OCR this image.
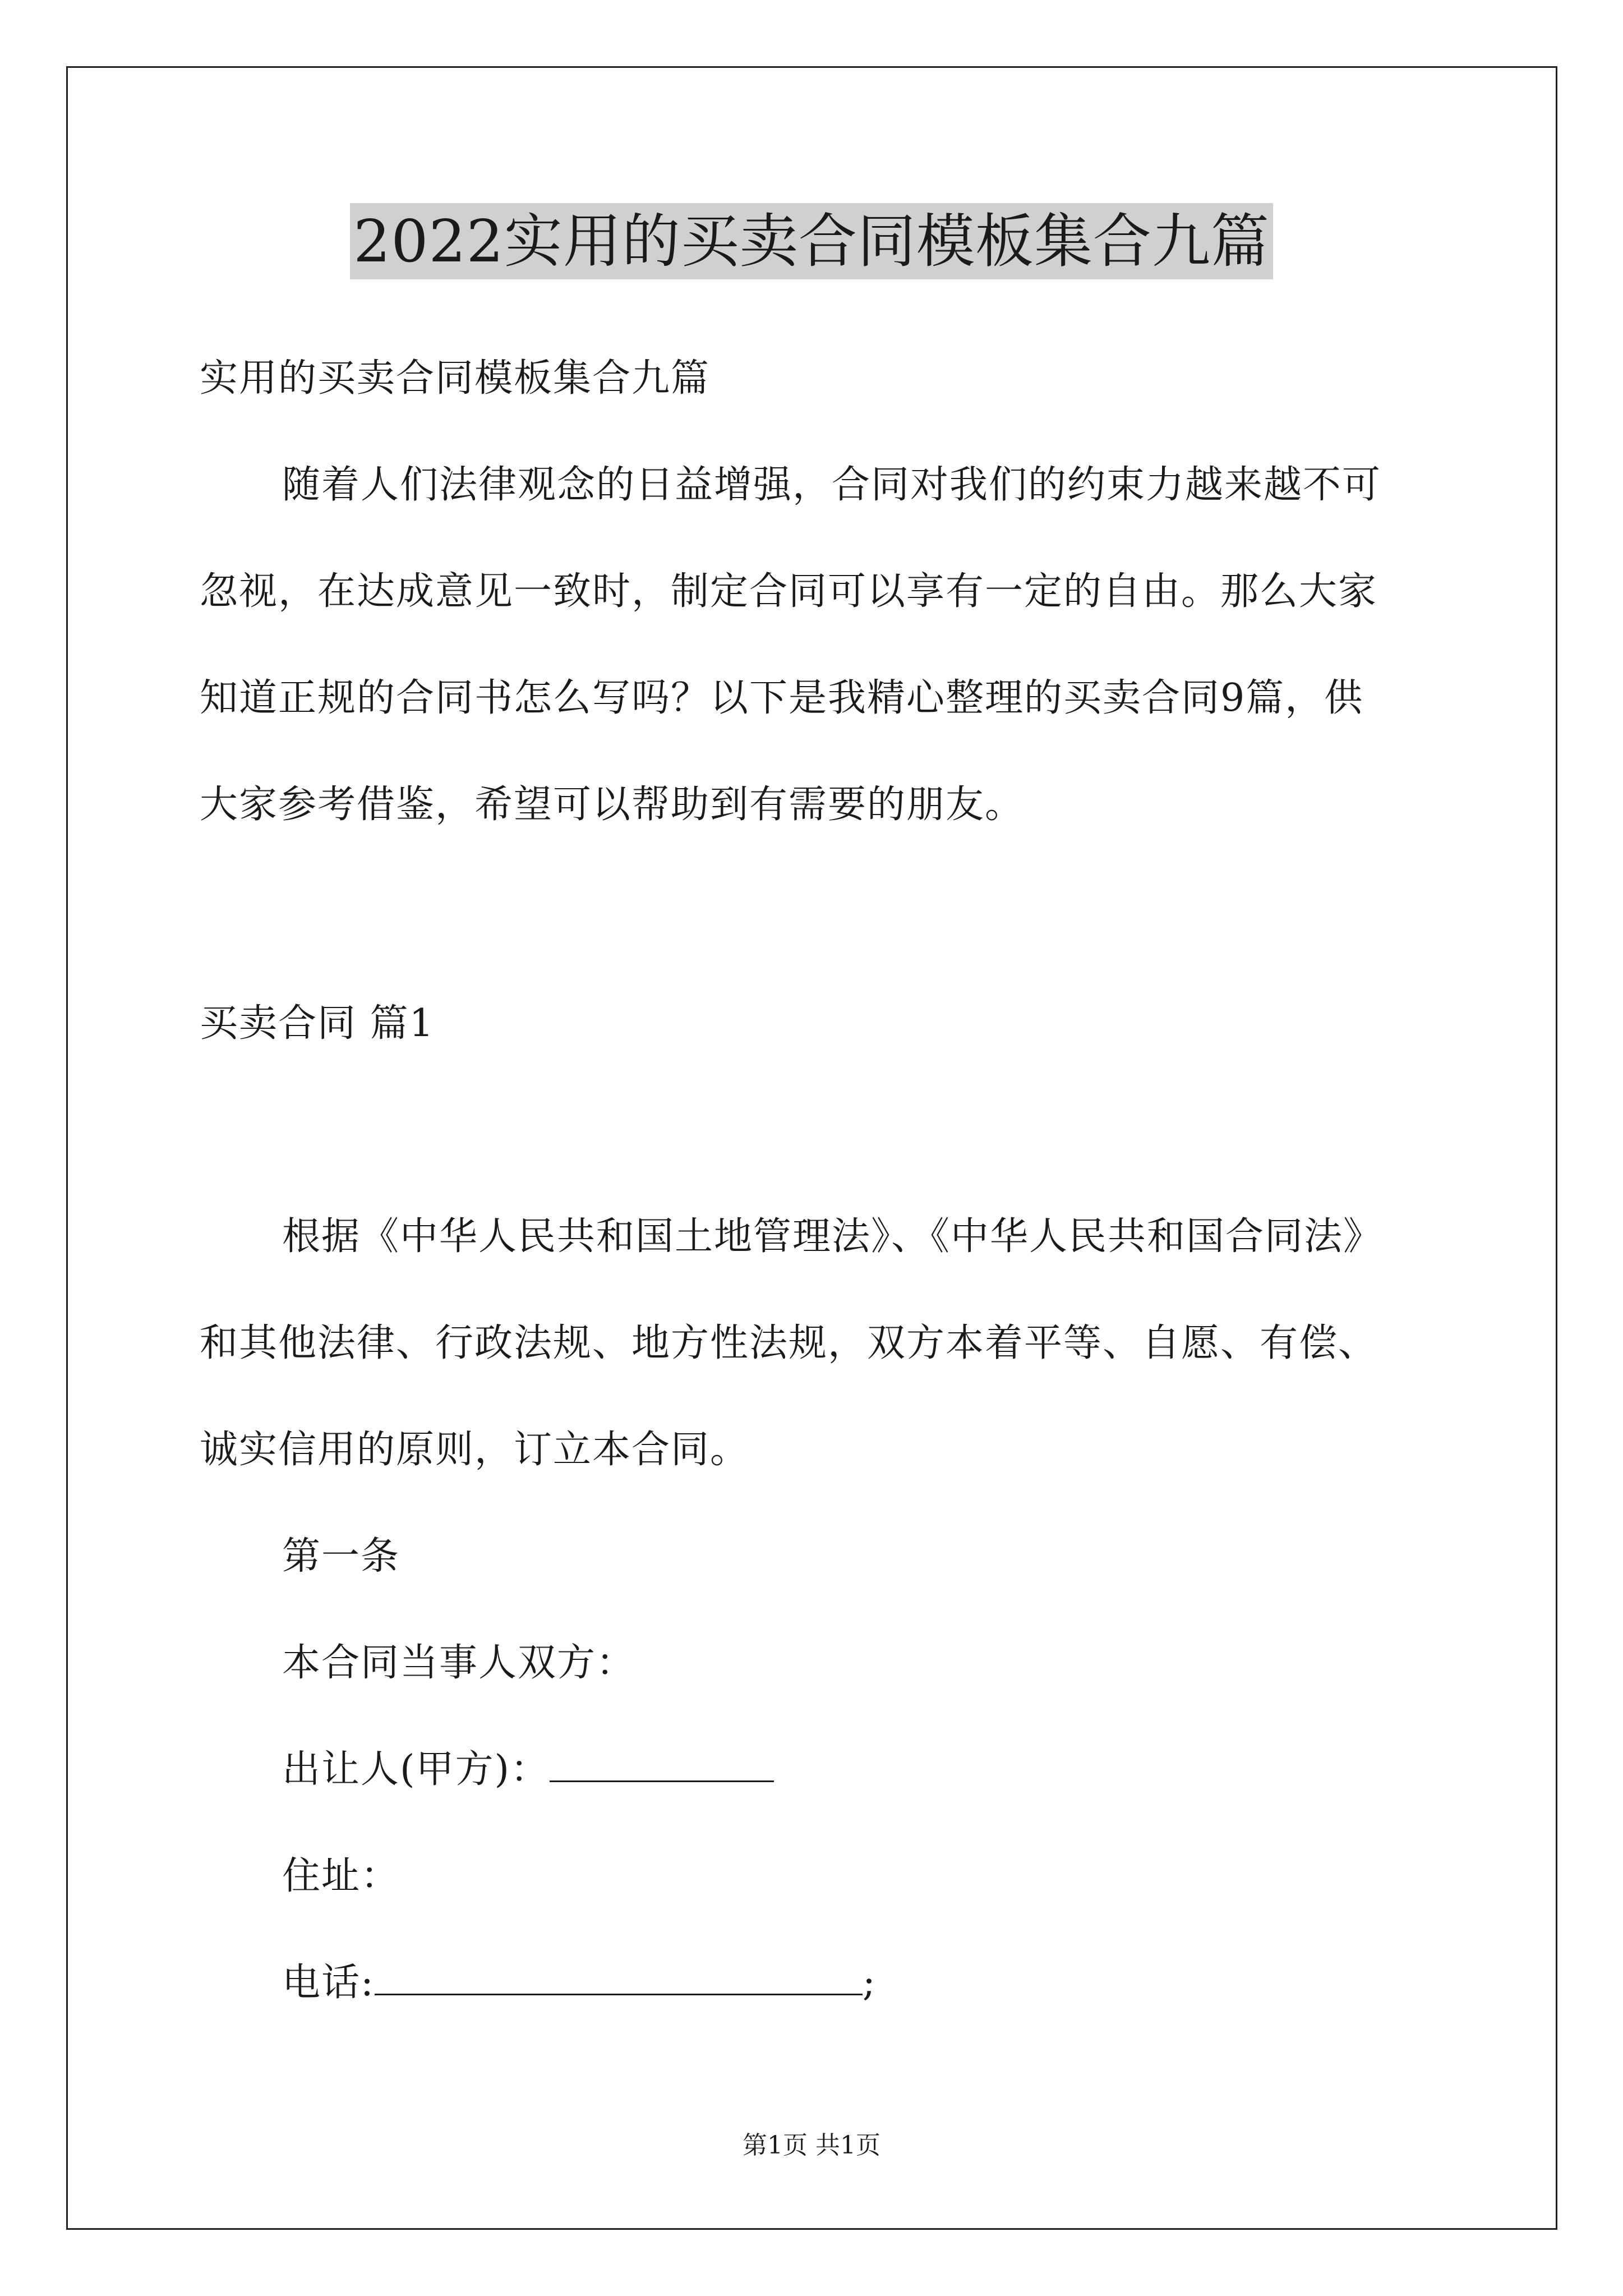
2022实用的买卖合同模板集合九篇
实用的买卖合同模板集合九篇
随着人们法律观念的日益增强，合同对我们的约束力越来越不可
忽视，在达成意见一致时，制定合同可以享有一定的自由。那么大家
知道正规的合同书怎么写吗？以下是我精心整理的买卖合同9篇，供
大家参考借鉴，希望可以帮助到有需要的朋友。
买卖合同 篇1
根据《中华人民共和国土地管理法》、《中华人民共和国合同法》
和其他法律、行政法规、地方性法规，双方本着平等、自愿、有偿、
诚实信用的原则，订立本合同。
第一条
本合同当事人双方：
出让人(甲方)：
住址：
电话:	;
第1页 共1页
